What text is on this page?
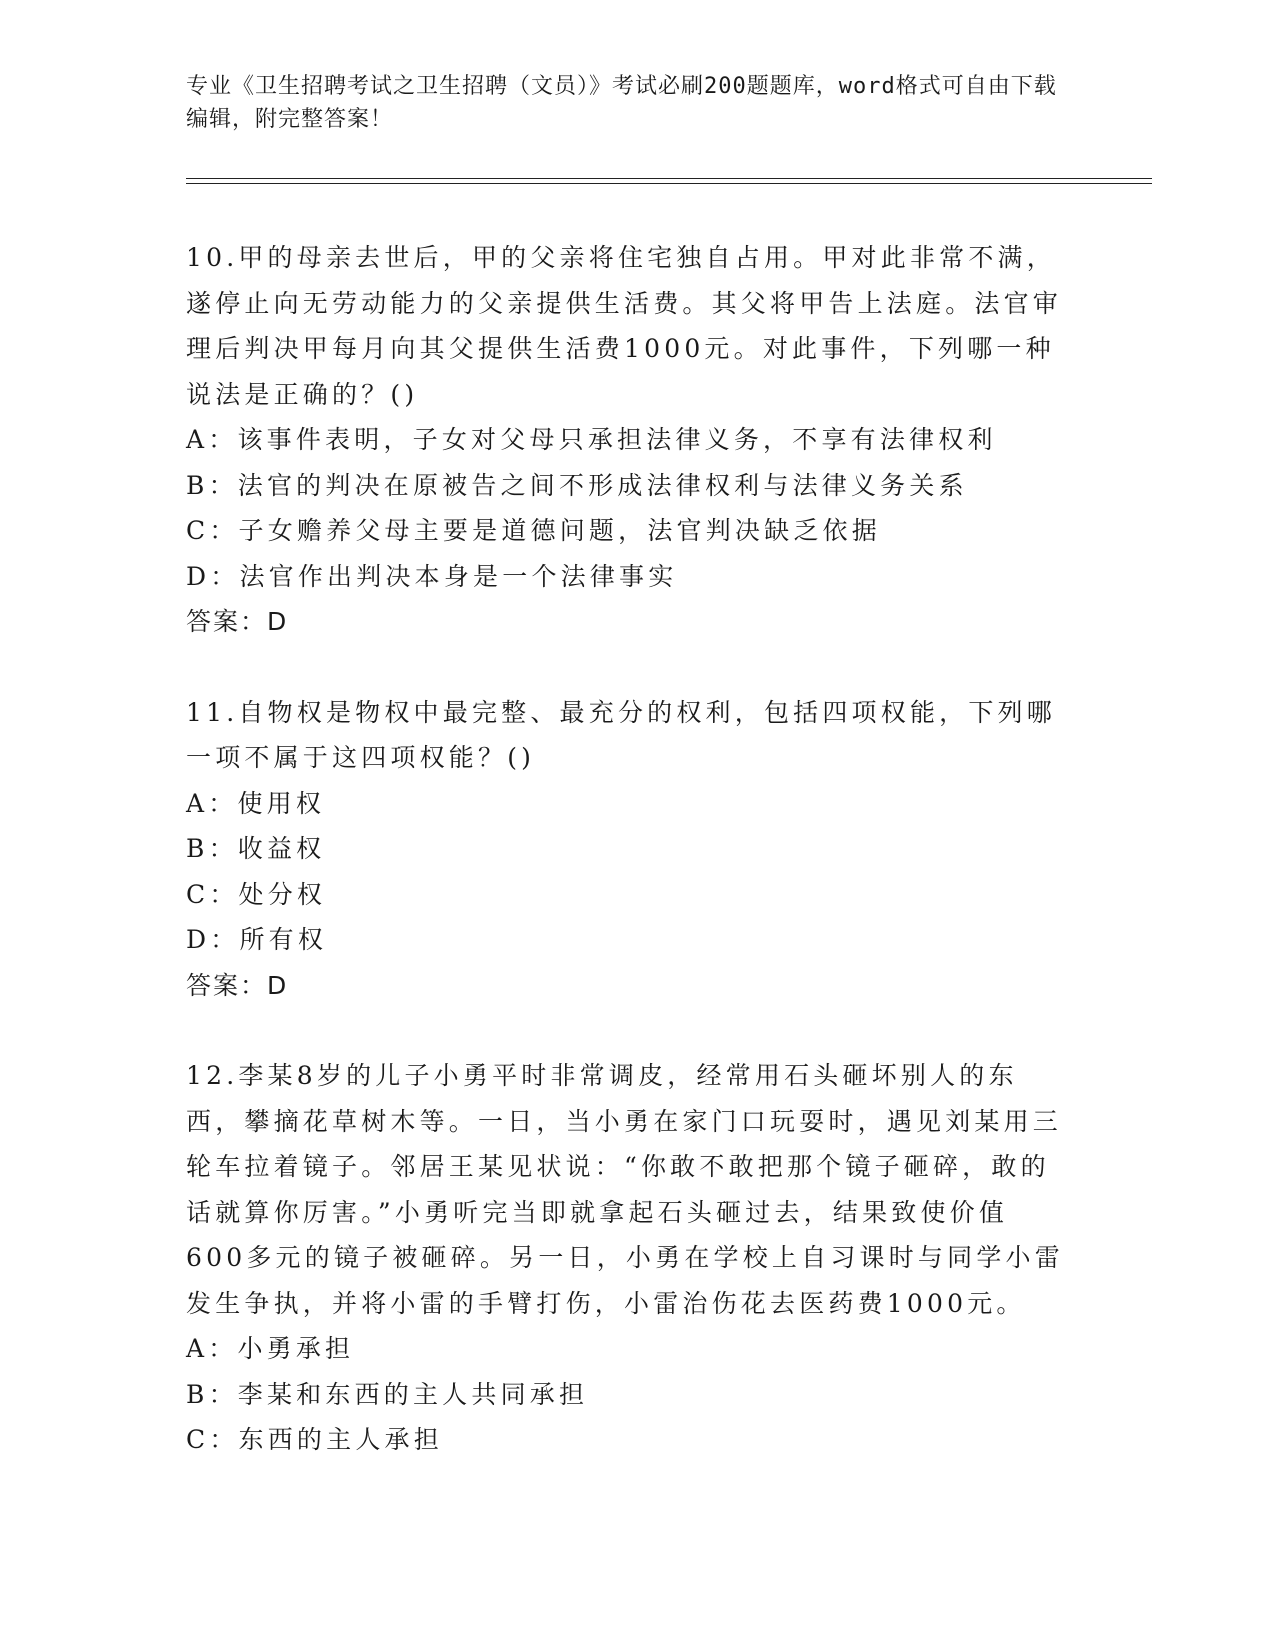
专业《卫生招聘考试之卫生招聘（文员）》考试必刷200题题库，word格式可自由下载编辑，附完整答案！

10.甲的母亲去世后，甲的父亲将住宅独自占用。甲对此非常不满，遂停止向无劳动能力的父亲提供生活费。其父将甲告上法庭。法官审理后判决甲每月向其父提供生活费1000元。对此事件，下列哪一种说法是正确的？()

A：该事件表明，子女对父母只承担法律义务，不享有法律权利

B：法官的判决在原被告之间不形成法律权利与法律义务关系

C：子女赡养父母主要是道德问题，法官判决缺乏依据

D：法官作出判决本身是一个法律事实

答案：D

11.自物权是物权中最完整、最充分的权利，包括四项权能，下列哪一项不属于这四项权能？()

A：使用权

B：收益权

C：处分权

D：所有权

答案：D

12.李某8岁的儿子小勇平时非常调皮，经常用石头砸坏别人的东西，攀摘花草树木等。一日，当小勇在家门口玩耍时，遇见刘某用三轮车拉着镜子。邻居王某见状说：“你敢不敢把那个镜子砸碎，敢的话就算你厉害。”小勇听完当即就拿起石头砸过去，结果致使价值600多元的镜子被砸碎。另一日，小勇在学校上自习课时与同学小雷发生争执，并将小雷的手臂打伤，小雷治伤花去医药费1000元。

A：小勇承担

B：李某和东西的主人共同承担

C：东西的主人承担
